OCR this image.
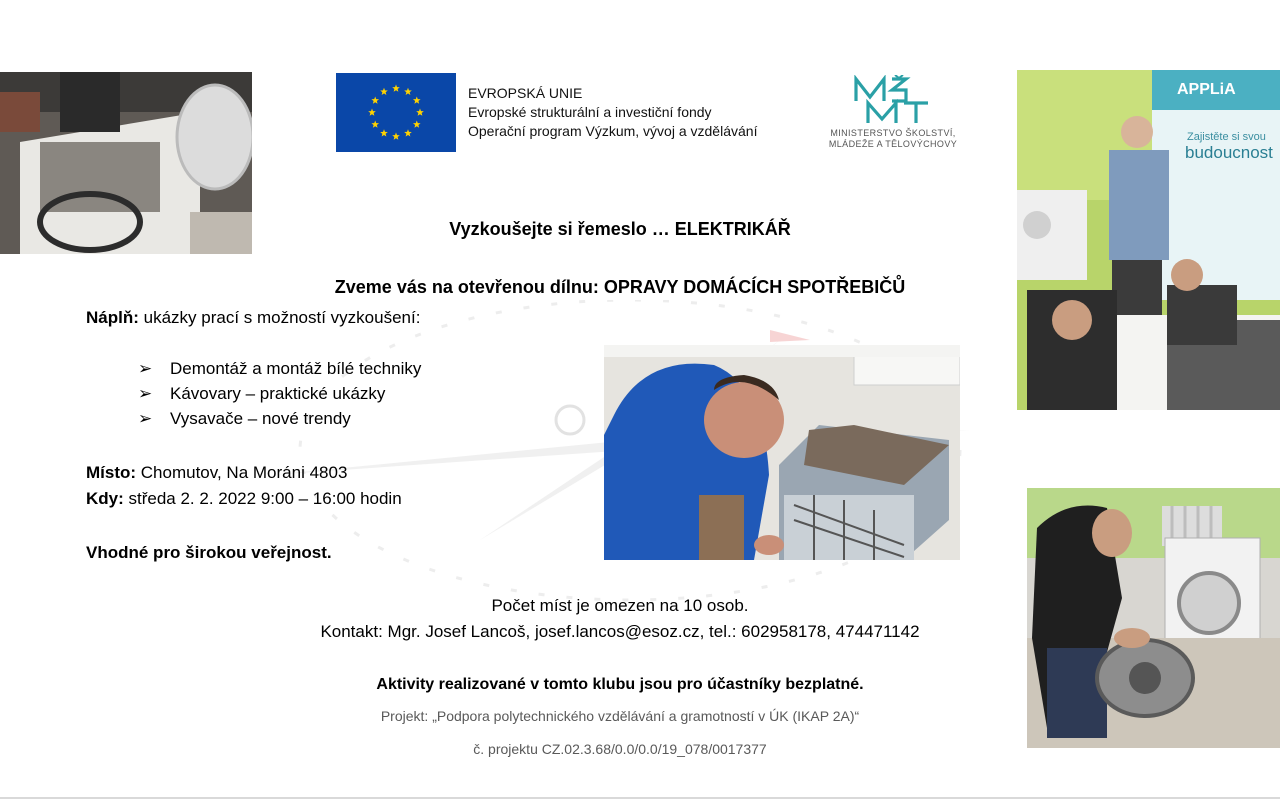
EVROPSKÁ UNIE
Evropské strukturální a investiční fondy
Operační program Výzkum, vývoj a vzdělávání	MINISTERSTVO ŠKOLSTVÍ,
MLÁDEŽE A TĚLOVÝCHOVY
APPLiA
Zajistěte si svou
budoucnost
Vyzkoušejte si řemeslo … ELEKTRIKÁŘ
Zveme vás na otevřenou dílnu: OPRAVY DOMÁCÍCH SPOTŘEBIČŮ
Náplň: ukázky prací s možností vyzkoušení:
➢ Demontáž a montáž bílé techniky
➢ Kávovary – praktické ukázky
➢ Vysavače – nové trendy
Místo: Chomutov, Na Moráni 4803
Kdy: středa 2. 2. 2022 9:00 – 16:00 hodin
Vhodné pro širokou veřejnost.
Počet míst je omezen na 10 osob.
Kontakt: Mgr. Josef Lancoš, josef.lancos@esoz.cz, tel.: 602958178, 474471142
Aktivity realizované v tomto klubu jsou pro účastníky bezplatné.
Projekt: „Podpora polytechnického vzdělávání a gramotností v ÚK (IKAP 2A)“
č. projektu CZ.02.3.68/0.0/0.0/19_078/0017377
